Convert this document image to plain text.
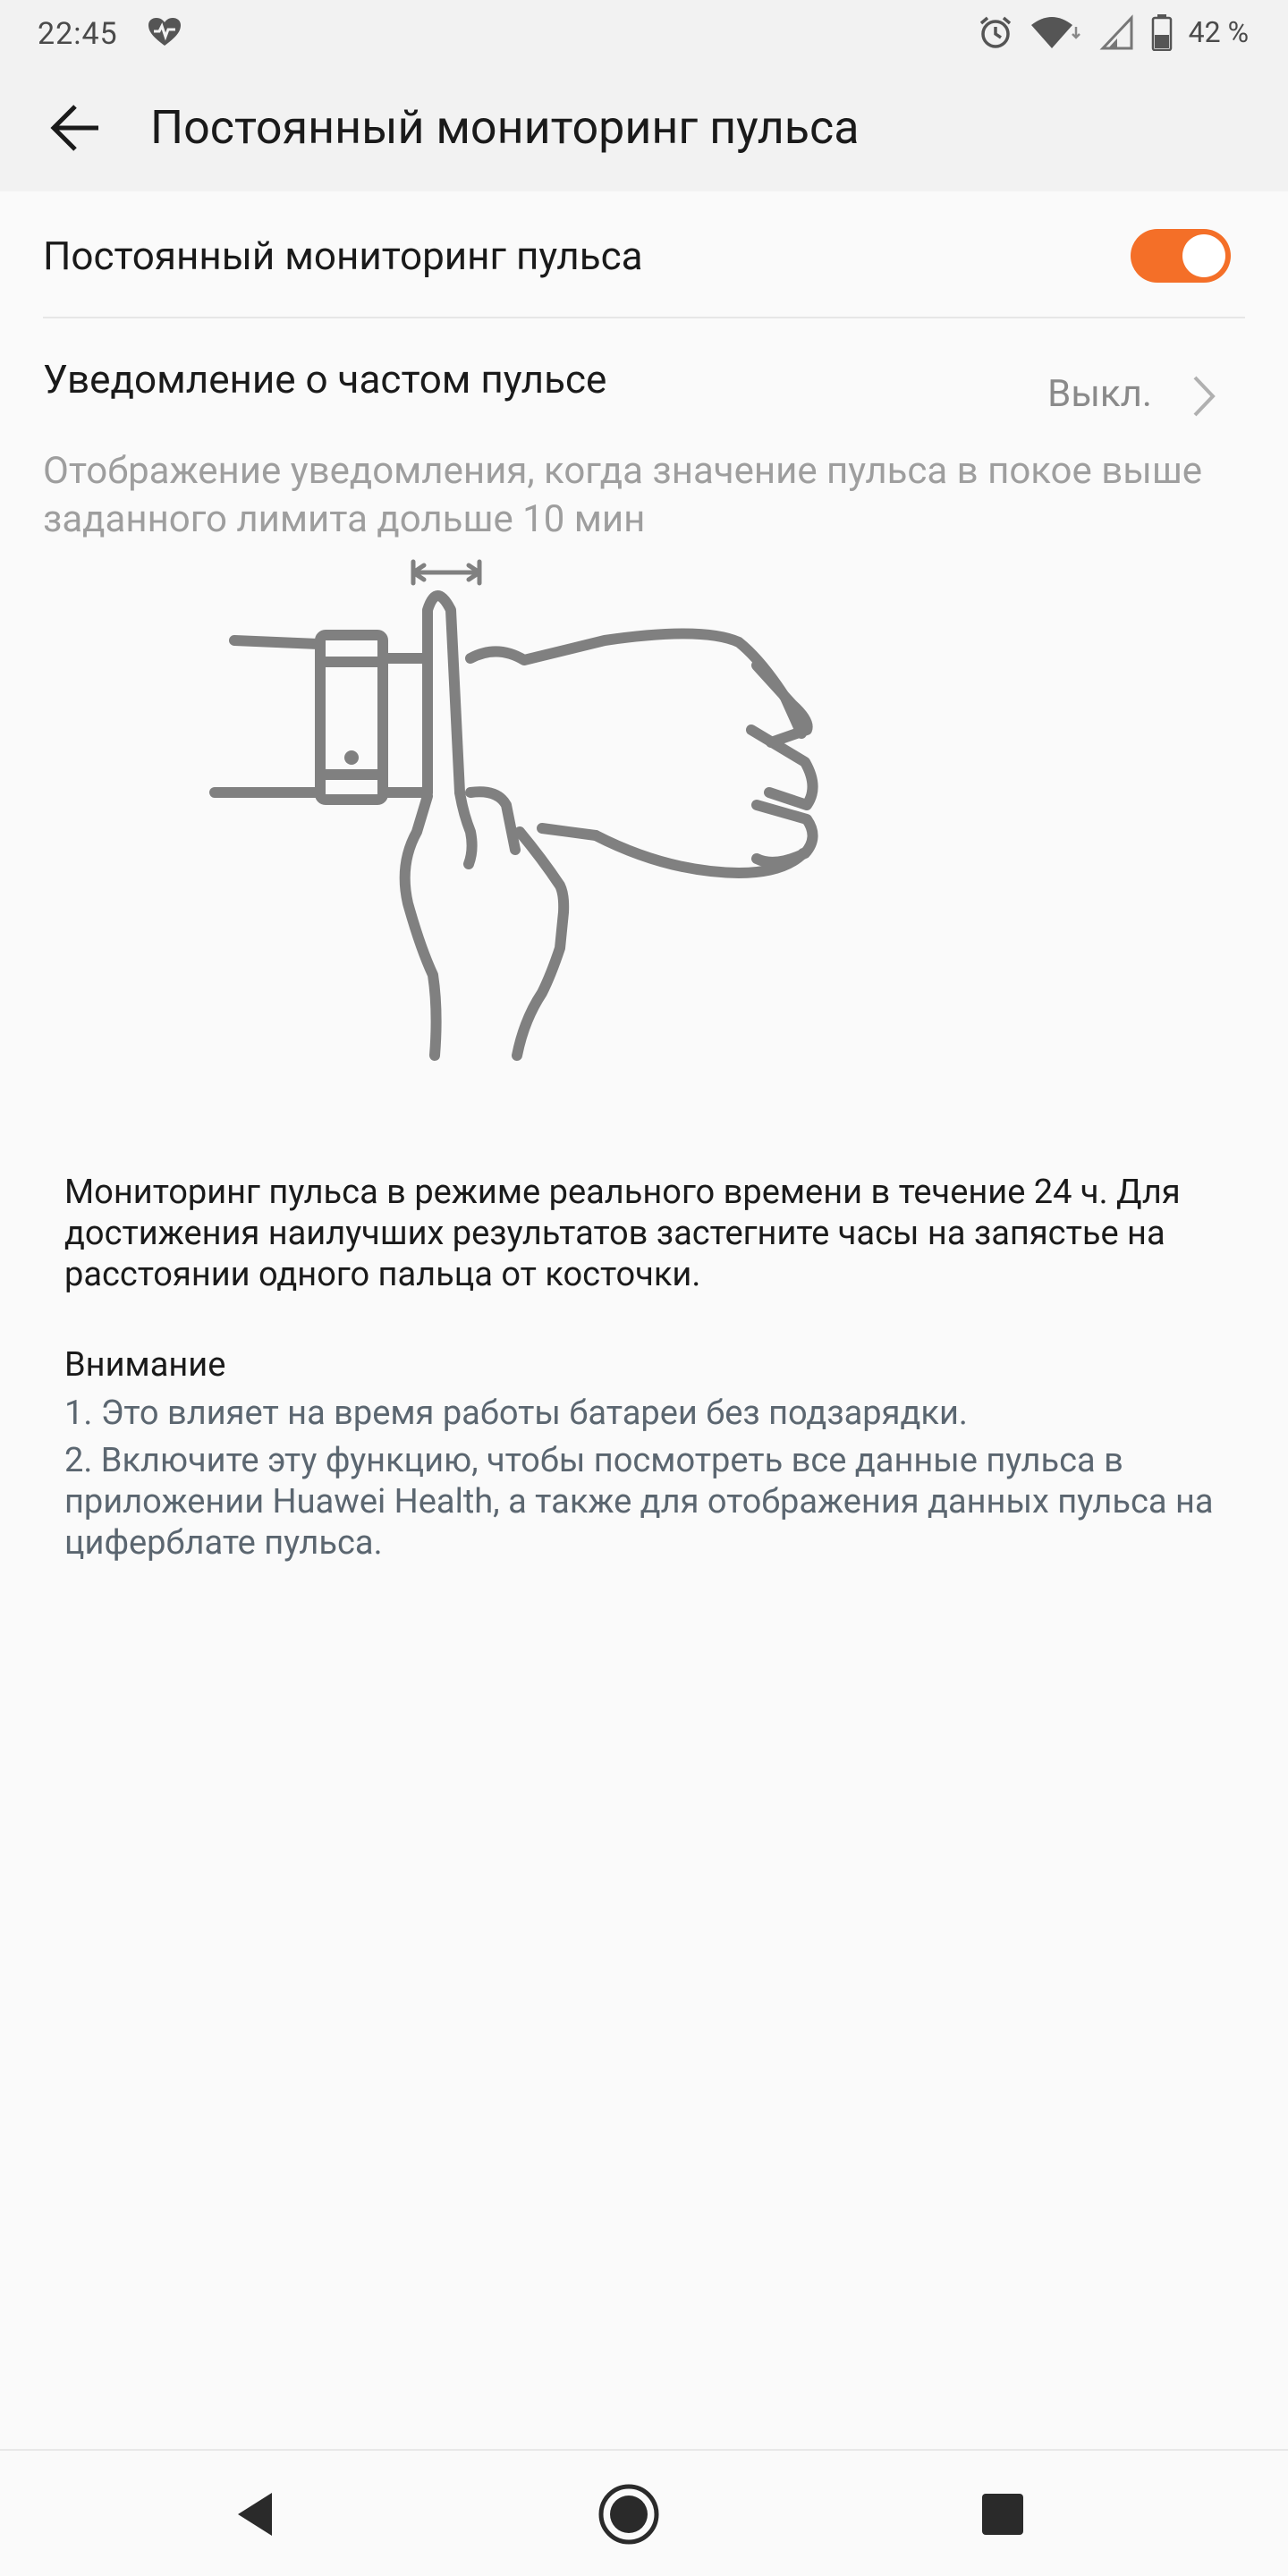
22:45	42 %
Постоянный мониторинг пульса
Постоянный мониторинг пульса
Уведомление о частом пульсе	Выкл.
Отображение уведомления, когда значение пульса в покое выше заданного лимита дольше 10 мин
Мониторинг пульса в режиме реального времени в течение 24 ч. Для достижения наилучших результатов застегните часы на запястье на расстоянии одного пальца от косточки.
Внимание
1. Это влияет на время работы батареи без подзарядки.
2. Включите эту функцию, чтобы посмотреть все данные пульса в приложении Huawei Health, а также для отображения данных пульса на циферблате пульса.
